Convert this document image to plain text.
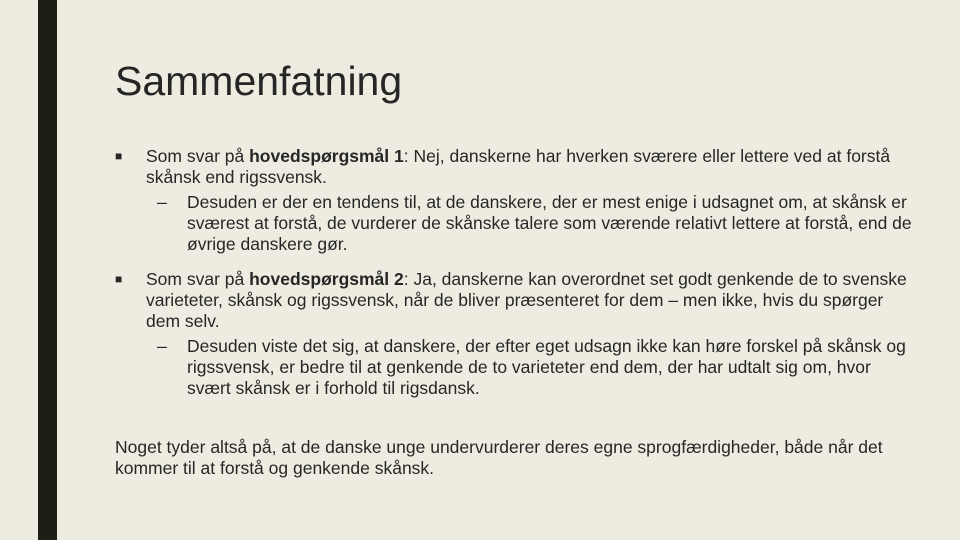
Sammenfatning
■ Som svar på hovedspørgsmål 1: Nej, danskerne har hverken sværere eller lettere ved at forstå skånsk end rigssvensk.
– Desuden er der en tendens til, at de danskere, der er mest enige i udsagnet om, at skånsk er sværest at forstå, de vurderer de skånske talere som værende relativt lettere at forstå, end de øvrige danskere gør.
■ Som svar på hovedspørgsmål 2: Ja, danskerne kan overordnet set godt genkende de to svenske varieteter, skånsk og rigssvensk, når de bliver præsenteret for dem – men ikke, hvis du spørger dem selv.
– Desuden viste det sig, at danskere, der efter eget udsagn ikke kan høre forskel på skånsk og rigssvensk, er bedre til at genkende de to varieteter end dem, der har udtalt sig om, hvor svært skånsk er i forhold til rigsdansk.
Noget tyder altså på, at de danske unge undervurderer deres egne sprogfærdigheder, både når det kommer til at forstå og genkende skånsk.
